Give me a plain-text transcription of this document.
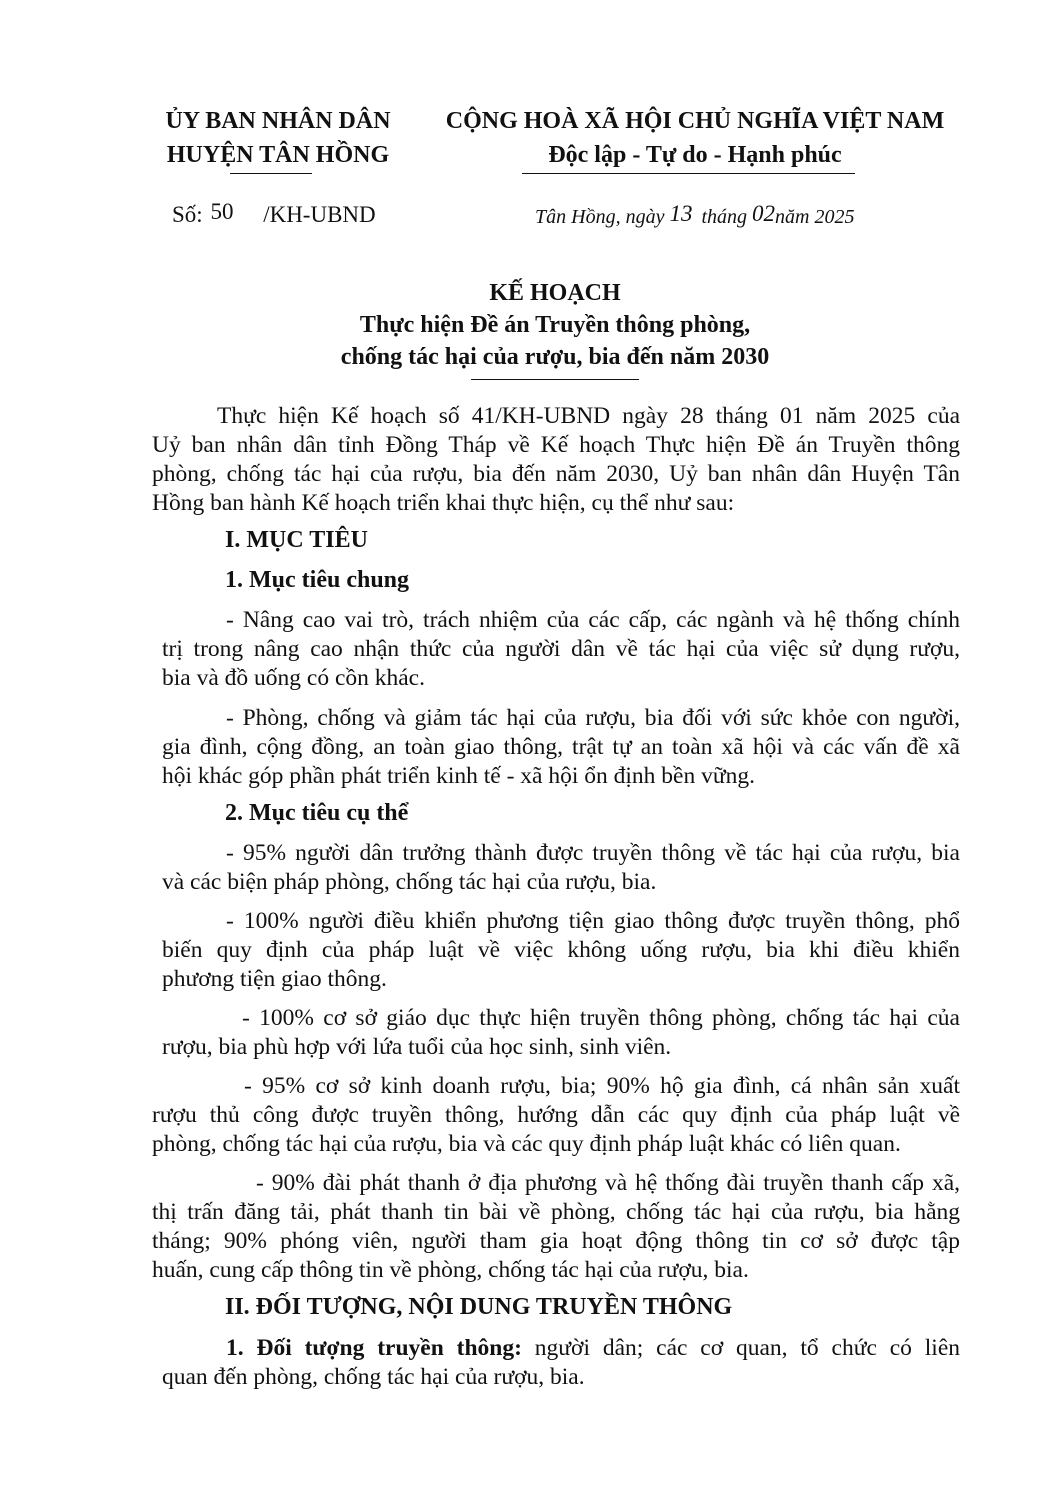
ỦY BAN NHÂN DÂN
HUYỆN TÂN HỒNG
CỘNG HOÀ XÃ HỘI CHỦ NGHĨA VIỆT NAM
Độc lập - Tự do - Hạnh phúc
Số: 50 /KH-UBND	Tân Hồng, ngày 13 tháng 02năm 2025
KẾ HOẠCH
Thực hiện Đề án Truyền thông phòng,
chống tác hại của rượu, bia đến năm 2030
Thực hiện Kế hoạch số 41/KH-UBND ngày 28 tháng 01 năm 2025 của
Uỷ ban nhân dân tỉnh Đồng Tháp về Kế hoạch Thực hiện Đề án Truyền thông
phòng, chống tác hại của rượu, bia đến năm 2030, Uỷ ban nhân dân Huyện Tân
Hồng ban hành Kế hoạch triển khai thực hiện, cụ thể như sau:
I. MỤC TIÊU
1. Mục tiêu chung
- Nâng cao vai trò, trách nhiệm của các cấp, các ngành và hệ thống chính
trị trong nâng cao nhận thức của người dân về tác hại của việc sử dụng rượu,
bia và đồ uống có cồn khác.
- Phòng, chống và giảm tác hại của rượu, bia đối với sức khỏe con người,
gia đình, cộng đồng, an toàn giao thông, trật tự an toàn xã hội và các vấn đề xã
hội khác góp phần phát triển kinh tế - xã hội ổn định bền vững.
2. Mục tiêu cụ thể
- 95% người dân trưởng thành được truyền thông về tác hại của rượu, bia
và các biện pháp phòng, chống tác hại của rượu, bia.
- 100% người điều khiển phương tiện giao thông được truyền thông, phổ
biến quy định của pháp luật về việc không uống rượu, bia khi điều khiển
phương tiện giao thông.
- 100% cơ sở giáo dục thực hiện truyền thông phòng, chống tác hại của
rượu, bia phù hợp với lứa tuổi của học sinh, sinh viên.
- 95% cơ sở kinh doanh rượu, bia; 90% hộ gia đình, cá nhân sản xuất
rượu thủ công được truyền thông, hướng dẫn các quy định của pháp luật về
phòng, chống tác hại của rượu, bia và các quy định pháp luật khác có liên quan.
- 90% đài phát thanh ở địa phương và hệ thống đài truyền thanh cấp xã,
thị trấn đăng tải, phát thanh tin bài về phòng, chống tác hại của rượu, bia hằng
tháng; 90% phóng viên, người tham gia hoạt động thông tin cơ sở được tập
huấn, cung cấp thông tin về phòng, chống tác hại của rượu, bia.
II. ĐỐI TƯỢNG, NỘI DUNG TRUYỀN THÔNG
1. Đối tượng truyền thông: người dân; các cơ quan, tổ chức có liên
quan đến phòng, chống tác hại của rượu, bia.
